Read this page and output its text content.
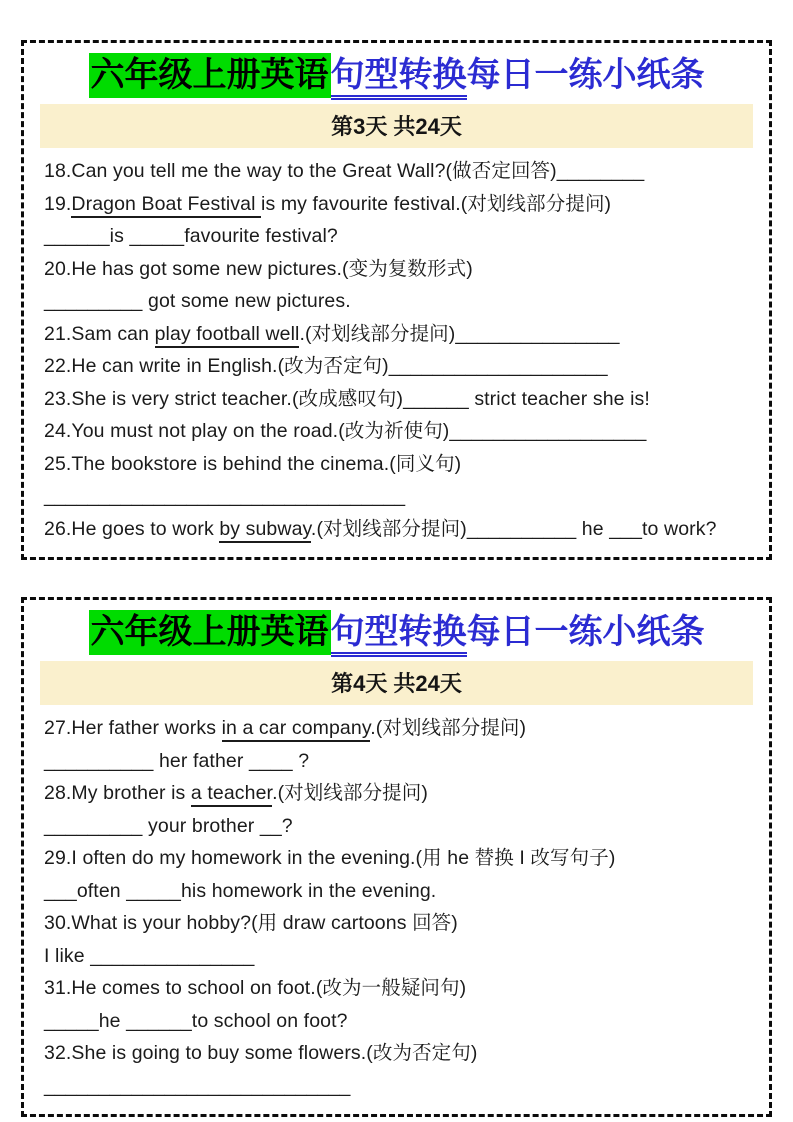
六年级上册英语句型转换每日一练小纸条
第3天 共24天
18.Can you tell me the way to the Great Wall?(做否定回答)________
19.Dragon Boat Festival is my favourite festival.(对划线部分提问)
______is _____favourite festival?
20.He has got some new pictures.(变为复数形式)
_________ got some new pictures.
21.Sam can play football well.(对划线部分提问)_______________
22.He can write in English.(改为否定句)____________________
23.She is very strict teacher.(改成感叹句)______ strict teacher she is!
24.You must not play on the road.(改为祈使句)__________________
25.The bookstore is behind the cinema.(同义句)
_________________________________
26.He goes to work by subway.(对划线部分提问)__________ he ___to work?
六年级上册英语句型转换每日一练小纸条
第4天 共24天
27.Her father works in a car company.(对划线部分提问)
__________ her father ____ ?
28.My brother is a teacher.(对划线部分提问)
_________ your brother __?
29.I often do my homework in the evening.(用 he 替换 I 改写句子)
___often _____his homework in the evening.
30.What is your hobby?(用 draw cartoons 回答)
I like _______________
31.He comes to school on foot.(改为一般疑问句)
_____he ______to school on foot?
32.She is going to buy some flowers.(改为否定句)
____________________________
